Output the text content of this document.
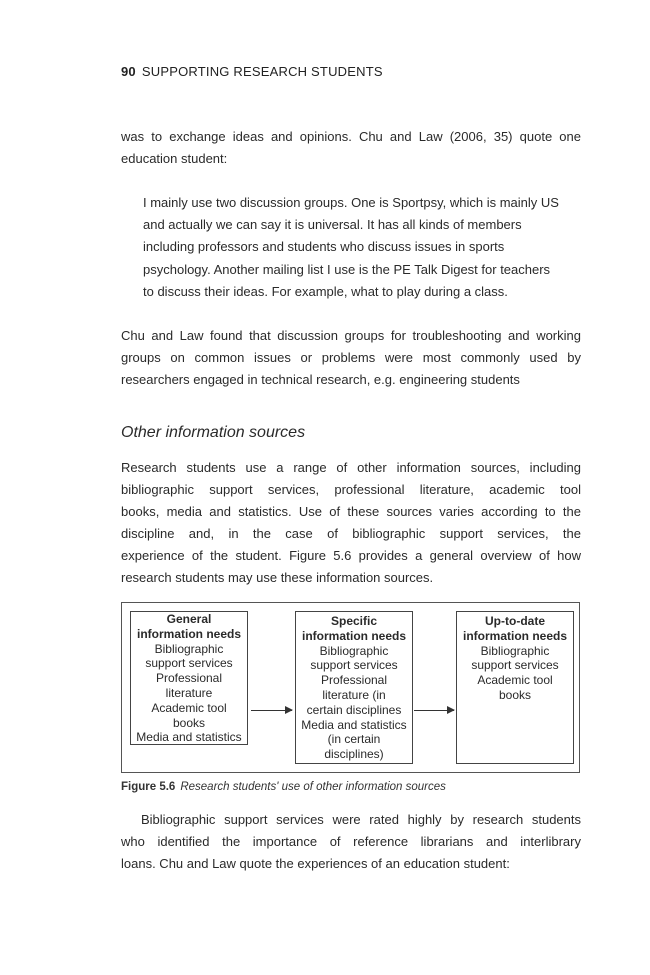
90 SUPPORTING RESEARCH STUDENTS
was to exchange ideas and opinions. Chu and Law (2006, 35) quote one
education student:
I mainly use two discussion groups. One is Sportpsy, which is mainly US
and actually we can say it is universal. It has all kinds of members
including professors and students who discuss issues in sports
psychology. Another mailing list I use is the PE Talk Digest for teachers
to discuss their ideas. For example, what to play during a class.
Chu and Law found that discussion groups for troubleshooting and working
groups on common issues or problems were most commonly used by
researchers engaged in technical research, e.g. engineering students
Other information sources
Research students use a range of other information sources, including
bibliographic support services, professional literature, academic tool
books, media and statistics. Use of these sources varies according to the
discipline and, in the case of bibliographic support services, the
experience of the student. Figure 5.6 provides a general overview of how
research students may use these information sources.
General
information needs
Bibliographic
support services
Professional
literature
Academic tool
books
Media and statistics
Specific
information needs
Bibliographic
support services
Professional
literature (in
certain disciplines
Media and statistics
(in certain
disciplines)
Up-to-date
information needs
Bibliographic
support services
Academic tool
books
Figure 5.6 Research students' use of other information sources
Bibliographic support services were rated highly by research students
who identified the importance of reference librarians and interlibrary
loans. Chu and Law quote the experiences of an education student:
